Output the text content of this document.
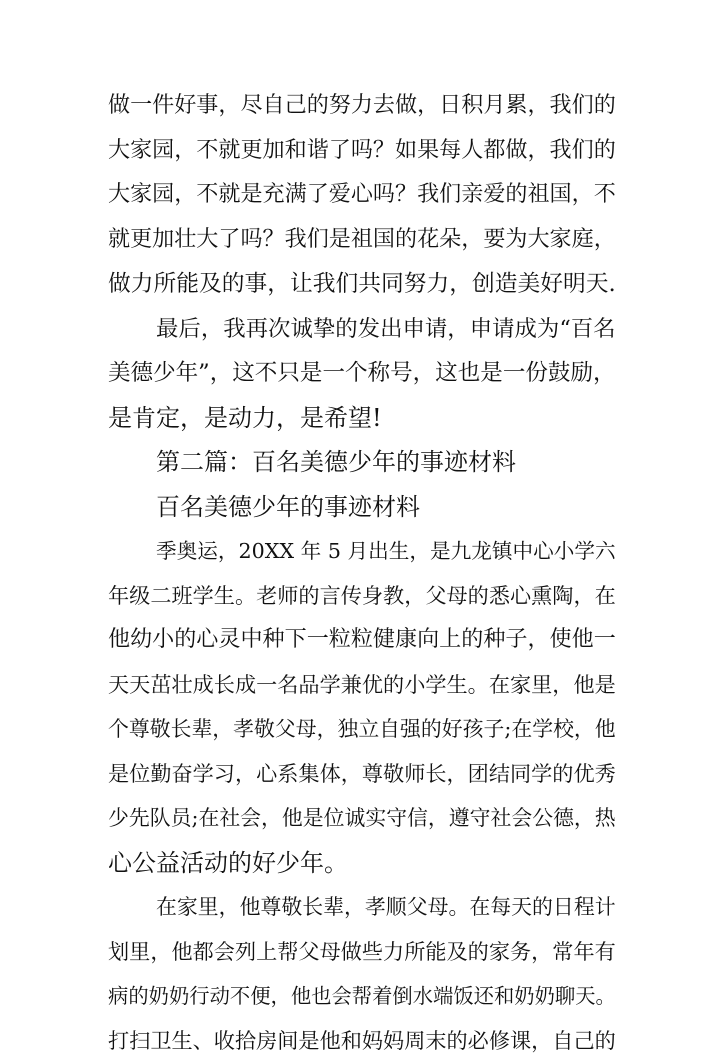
做一件好事，尽自己的努力去做，日积月累，我们的
大家园，不就更加和谐了吗？如果每人都做，我们的
大家园，不就是充满了爱心吗？我们亲爱的祖国，不
就更加壮大了吗？我们是祖国的花朵，要为大家庭，
做力所能及的事，让我们共同努力，创造美好明天.
最后，我再次诚挚的发出申请，申请成为“百名
美德少年”，这不只是一个称号，这也是一份鼓励，
是肯定，是动力，是希望!
第二篇：百名美德少年的事迹材料
百名美德少年的事迹材料
季奥运，20XX 年 5 月出生，是九龙镇中心小学六
年级二班学生。老师的言传身教，父母的悉心熏陶，在
他幼小的心灵中种下一粒粒健康向上的种子，使他一
天天茁壮成长成一名品学兼优的小学生。在家里，他是
个尊敬长辈，孝敬父母，独立自强的好孩子;在学校，他
是位勤奋学习，心系集体，尊敬师长，团结同学的优秀
少先队员;在社会，他是位诚实守信，遵守社会公德，热
心公益活动的好少年。
在家里，他尊敬长辈，孝顺父母。在每天的日程计
划里，他都会列上帮父母做些力所能及的家务，常年有
病的奶奶行动不便，他也会帮着倒水端饭还和奶奶聊天。
打扫卫生、收拾房间是他和妈妈周末的必修课，自己的
